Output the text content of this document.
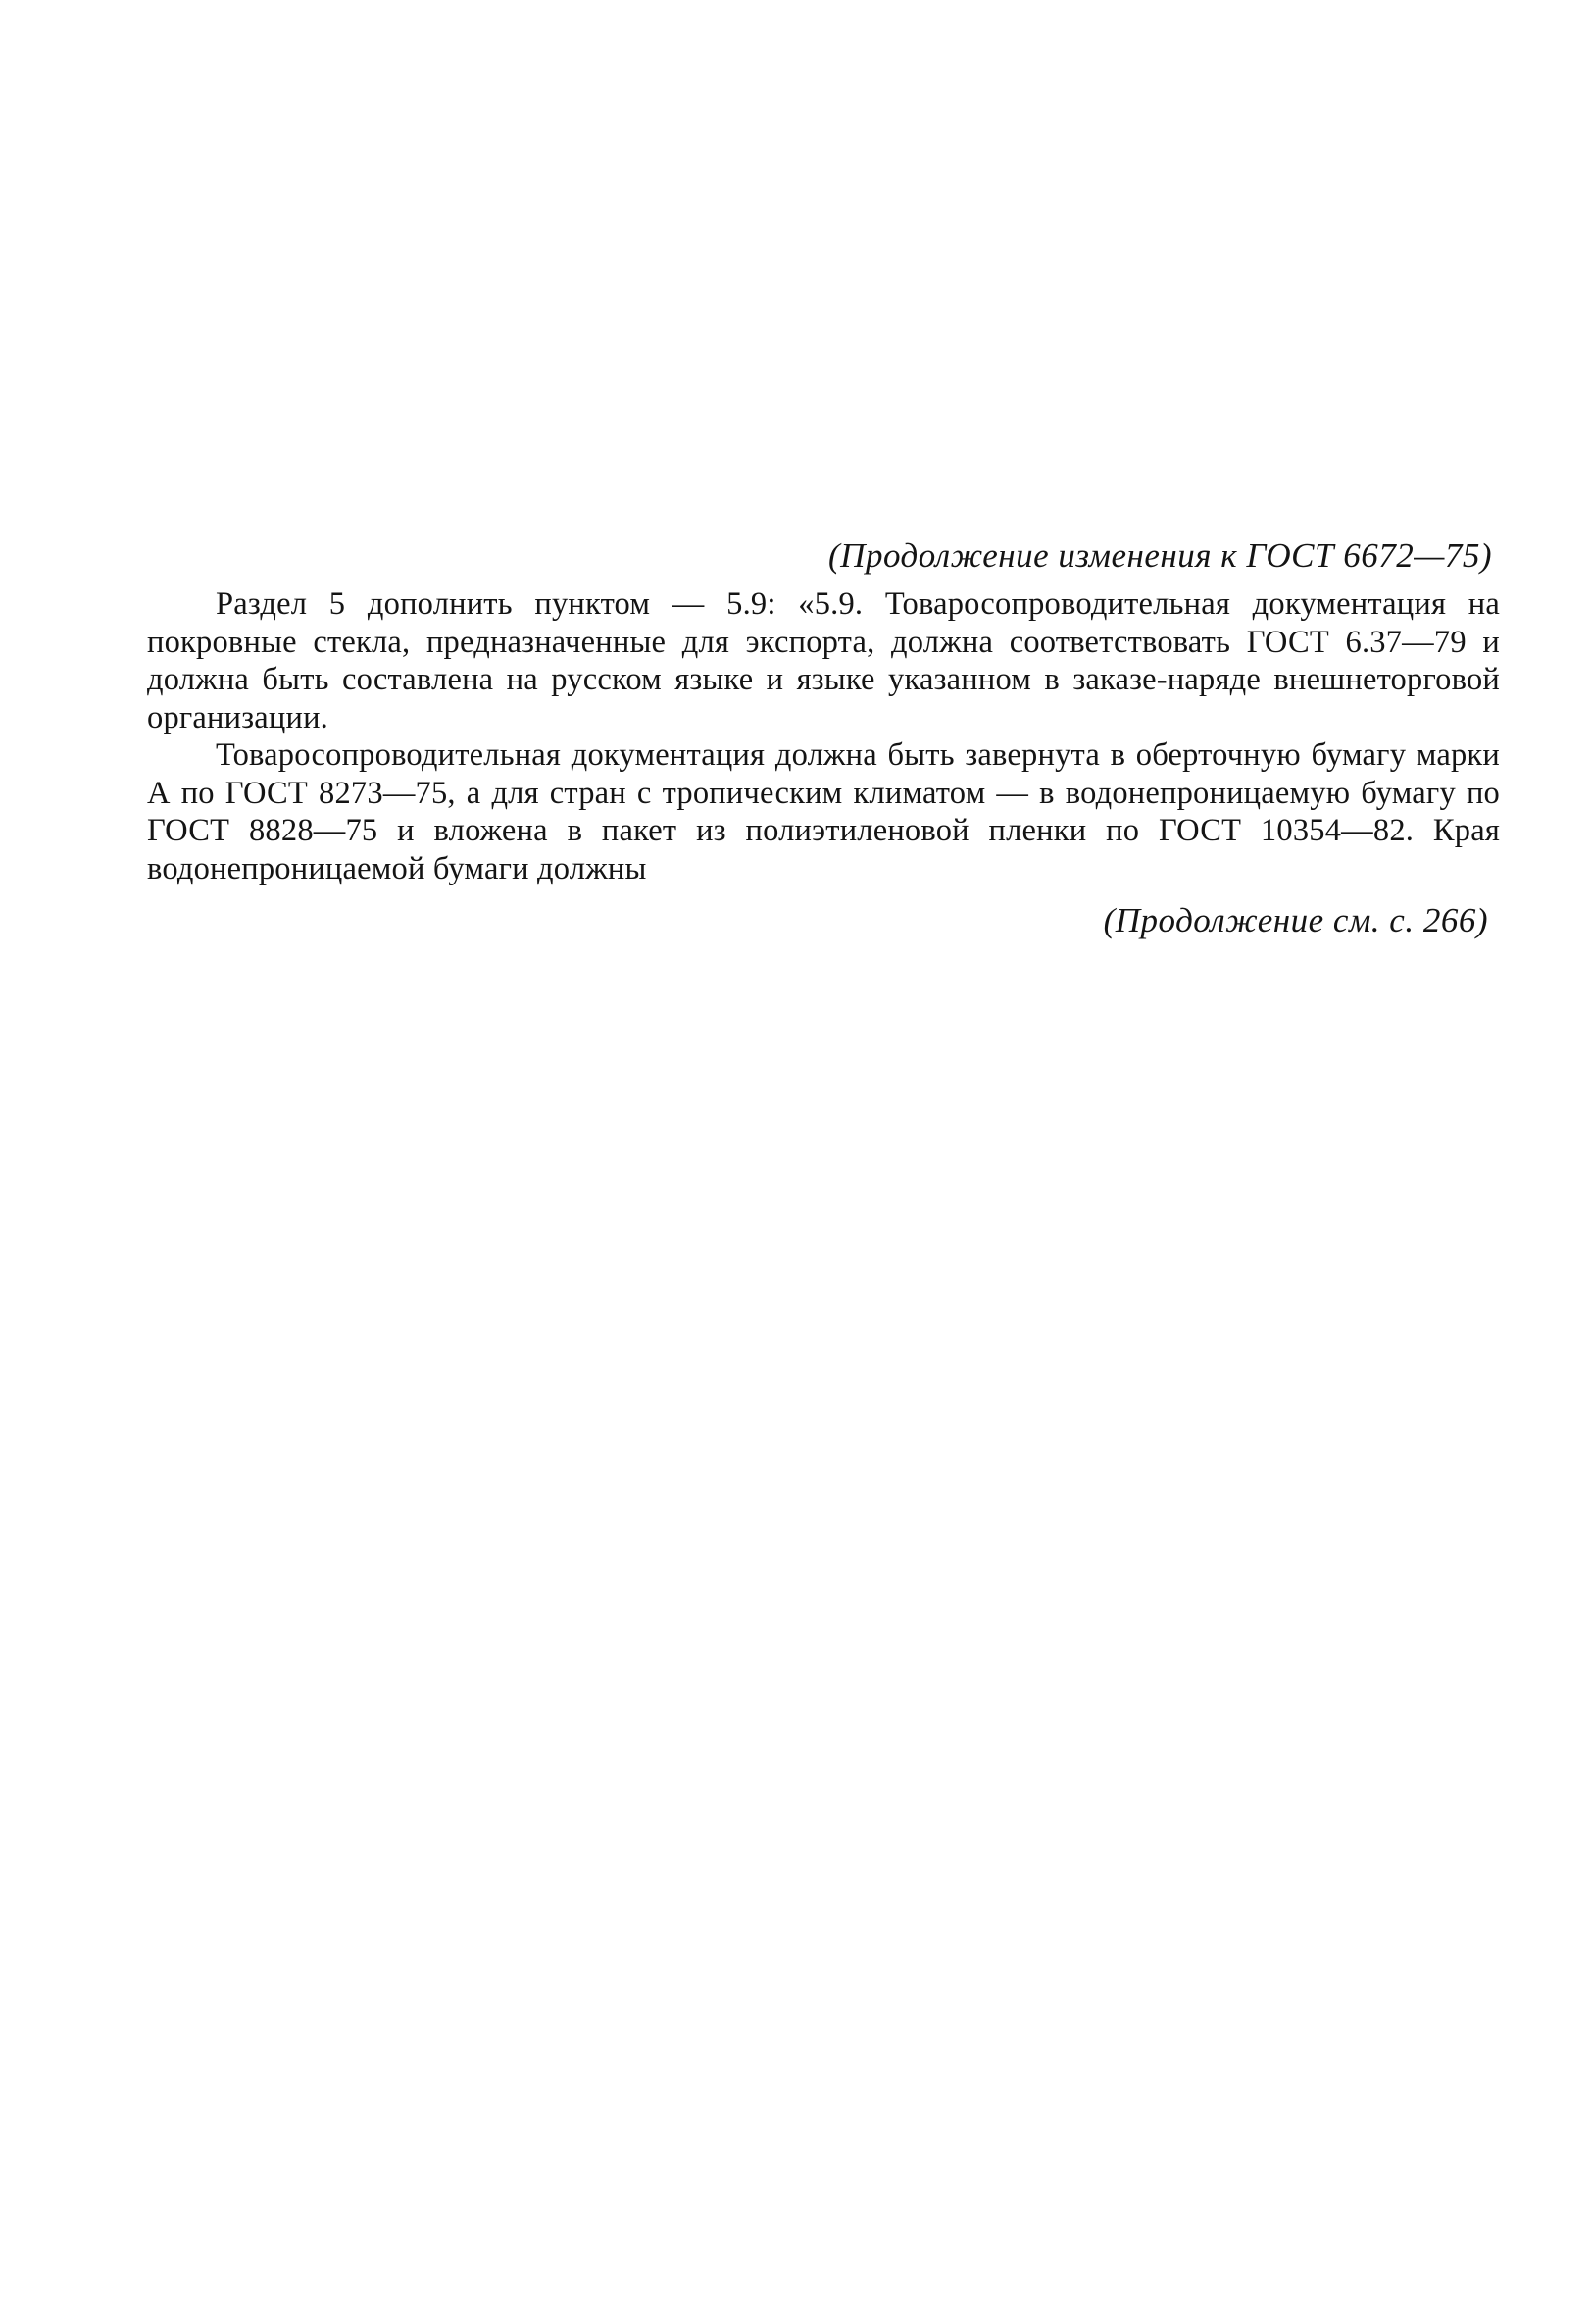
(Продолжение изменения к ГОСТ 6672—75)

Раздел 5 дополнить пунктом — 5.9: «5.9. Товаросопроводительная документация на покровные стекла, предназначенные для экспорта, должна соответствовать ГОСТ 6.37—79 и должна быть составлена на русском языке и языке указанном в заказе-наряде внешнеторговой организации.

Товаросопроводительная документация должна быть завернута в оберточную бумагу марки А по ГОСТ 8273—75, а для стран с тропическим климатом — в водонепроницаемую бумагу по ГОСТ 8828—75 и вложена в пакет из полиэтиленовой пленки по ГОСТ 10354—82. Края водонепроницаемой бумаги должны

(Продолжение см. с. 266)
